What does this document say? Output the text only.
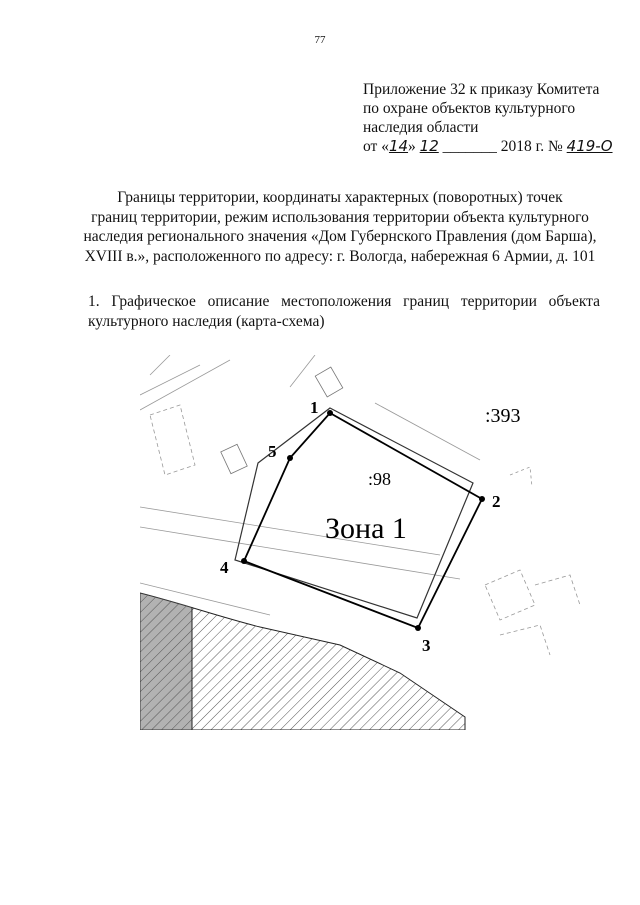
77
Приложение 32 к приказу Комитета
по охране объектов культурного
наследия области
от «14» 12 _______ 2018 г. № 419-О
Границы территории, координаты характерных (поворотных) точек
границ территории, режим использования территории объекта культурного
наследия регионального значения «Дом Губернского Правления (дом Барша),
XVIII в.», расположенного по адресу: г. Вологда, набережная 6 Армии, д. 101
1. Графическое описание местоположения границ территории объекта
культурного наследия (карта-схема)
1
2
3
4
5
:393
:98
Зона 1
